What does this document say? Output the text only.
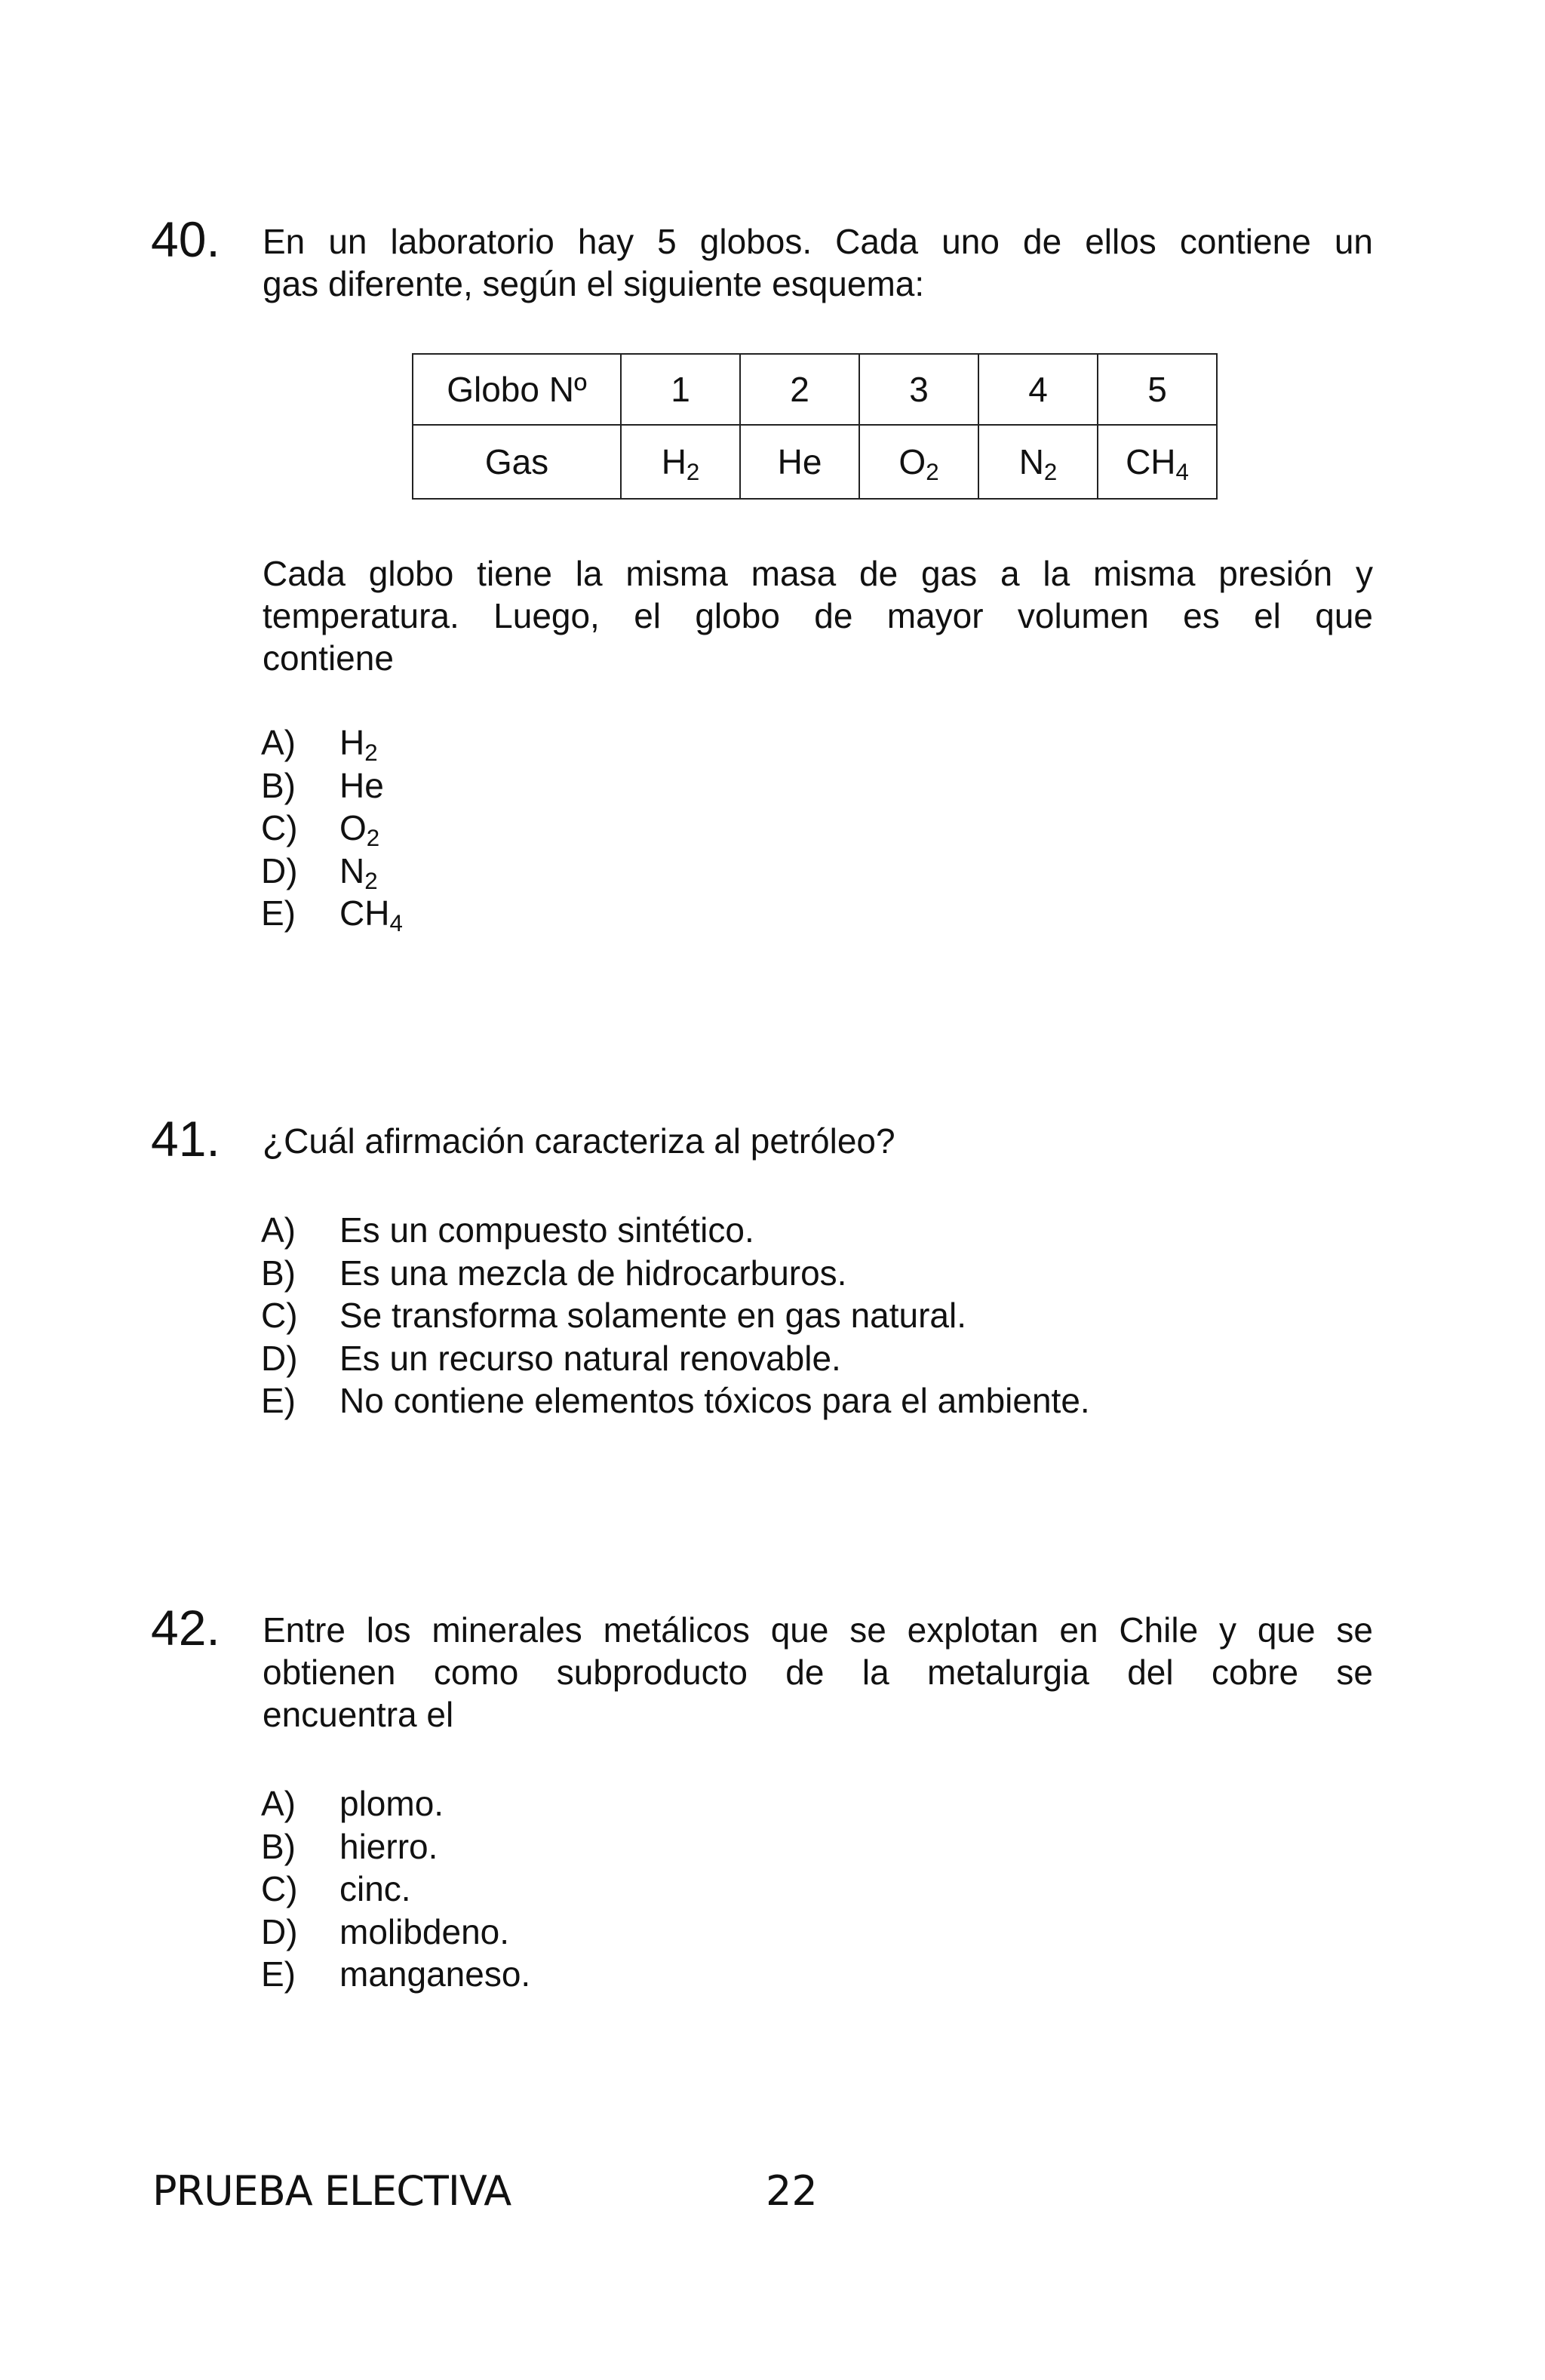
40. En un laboratorio hay 5 globos. Cada uno de ellos contiene un
gas diferente, según el siguiente esquema:
Globo Nº	1	2	3	4	5
Gas	$H_2$	He	$O_2$	$N_2$	$CH_4$
Cada globo tiene la misma masa de gas a la misma presión y
temperatura. Luego, el globo de mayor volumen es el que
contiene
A)	$H_2$
B)	He
C)	$O_2$
D)	$N_2$
E)	$CH_4$
41. ¿Cuál afirmación caracteriza al petróleo?
A)	Es un compuesto sintético.
B)	Es una mezcla de hidrocarburos.
C)	Se transforma solamente en gas natural.
D)	Es un recurso natural renovable.
E)	No contiene elementos tóxicos para el ambiente.
42. Entre los minerales metálicos que se explotan en Chile y que se
obtienen como subproducto de la metalurgia del cobre se
encuentra el
A)	plomo.
B)	hierro.
C)	cinc.
D)	molibdeno.
E)	manganeso.
PRUEBA ELECTIVA	22
